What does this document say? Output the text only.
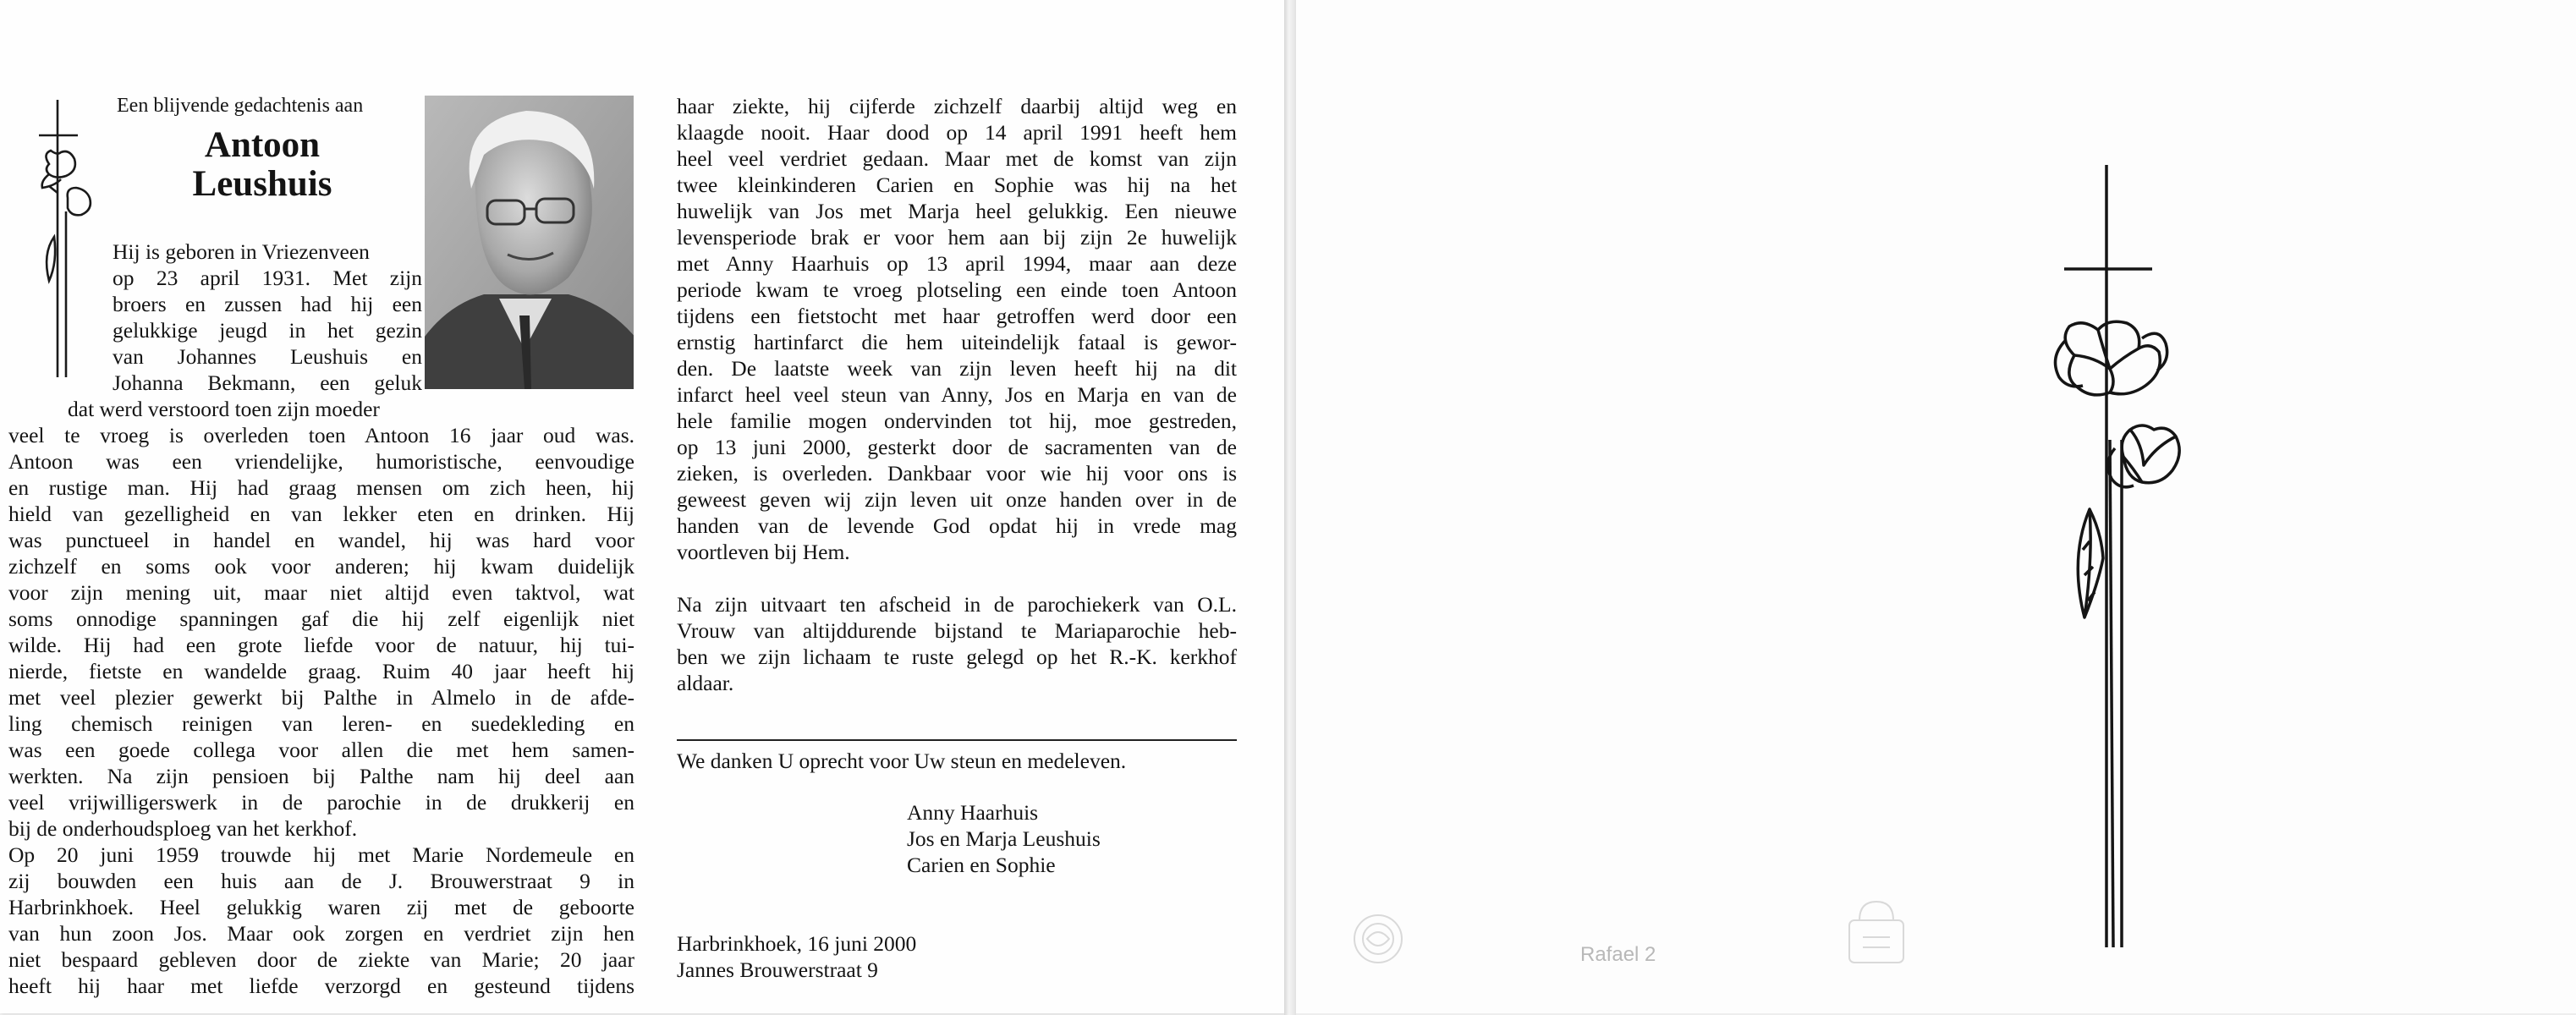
Een blijvende gedachtenis aan
Antoon
Leushuis
Hij is geboren in Vriezenveen
op 23 april 1931. Met zijn
broers en zussen had hij een
gelukkige jeugd in het gezin
van Johannes Leushuis en
Johanna Bekmann, een geluk
dat werd verstoord toen zijn moeder
veel te vroeg is overleden toen Antoon 16 jaar oud was.
Antoon was een vriendelijke, humoristische, eenvoudige
en rustige man. Hij had graag mensen om zich heen, hij
hield van gezelligheid en van lekker eten en drinken. Hij
was punctueel in handel en wandel, hij was hard voor
zichzelf en soms ook voor anderen; hij kwam duidelijk
voor zijn mening uit, maar niet altijd even taktvol, wat
soms onnodige spanningen gaf die hij zelf eigenlijk niet
wilde. Hij had een grote liefde voor de natuur, hij tui-
nierde, fietste en wandelde graag. Ruim 40 jaar heeft hij
met veel plezier gewerkt bij Palthe in Almelo in de afde-
ling chemisch reinigen van leren- en suedekleding en
was een goede collega voor allen die met hem samen-
werkten. Na zijn pensioen bij Palthe nam hij deel aan
veel vrijwilligerswerk in de parochie in de drukkerij en
bij de onderhoudsploeg van het kerkhof.
Op 20 juni 1959 trouwde hij met Marie Nordemeule en
zij bouwden een huis aan de J. Brouwerstraat 9 in
Harbrinkhoek. Heel gelukkig waren zij met de geboorte
van hun zoon Jos. Maar ook zorgen en verdriet zijn hen
niet bespaard gebleven door de ziekte van Marie; 20 jaar
heeft hij haar met liefde verzorgd en gesteund tijdens
haar ziekte, hij cijferde zichzelf daarbij altijd weg en
klaagde nooit. Haar dood op 14 april 1991 heeft hem
heel veel verdriet gedaan. Maar met de komst van zijn
twee kleinkinderen Carien en Sophie was hij na het
huwelijk van Jos met Marja heel gelukkig. Een nieuwe
levensperiode brak er voor hem aan bij zijn 2e huwelijk
met Anny Haarhuis op 13 april 1994, maar aan deze
periode kwam te vroeg plotseling een einde toen Antoon
tijdens een fietstocht met haar getroffen werd door een
ernstig hartinfarct die hem uiteindelijk fataal is gewor-
den. De laatste week van zijn leven heeft hij na dit
infarct heel veel steun van Anny, Jos en Marja en van de
hele familie mogen ondervinden tot hij, moe gestreden,
op 13 juni 2000, gesterkt door de sacramenten van de
zieken, is overleden. Dankbaar voor wie hij voor ons is
geweest geven wij zijn leven uit onze handen over in de
handen van de levende God opdat hij in vrede mag
voortleven bij Hem.
Na zijn uitvaart ten afscheid in de parochiekerk van O.L.
Vrouw van altijddurende bijstand te Mariaparochie heb-
ben we zijn lichaam te ruste gelegd op het R.-K. kerkhof
aldaar.
We danken U oprecht voor Uw steun en medeleven.
Anny Haarhuis
Jos en Marja Leushuis
Carien en Sophie
Harbrinkhoek, 16 juni 2000
Jannes Brouwerstraat 9
Rafael 2
